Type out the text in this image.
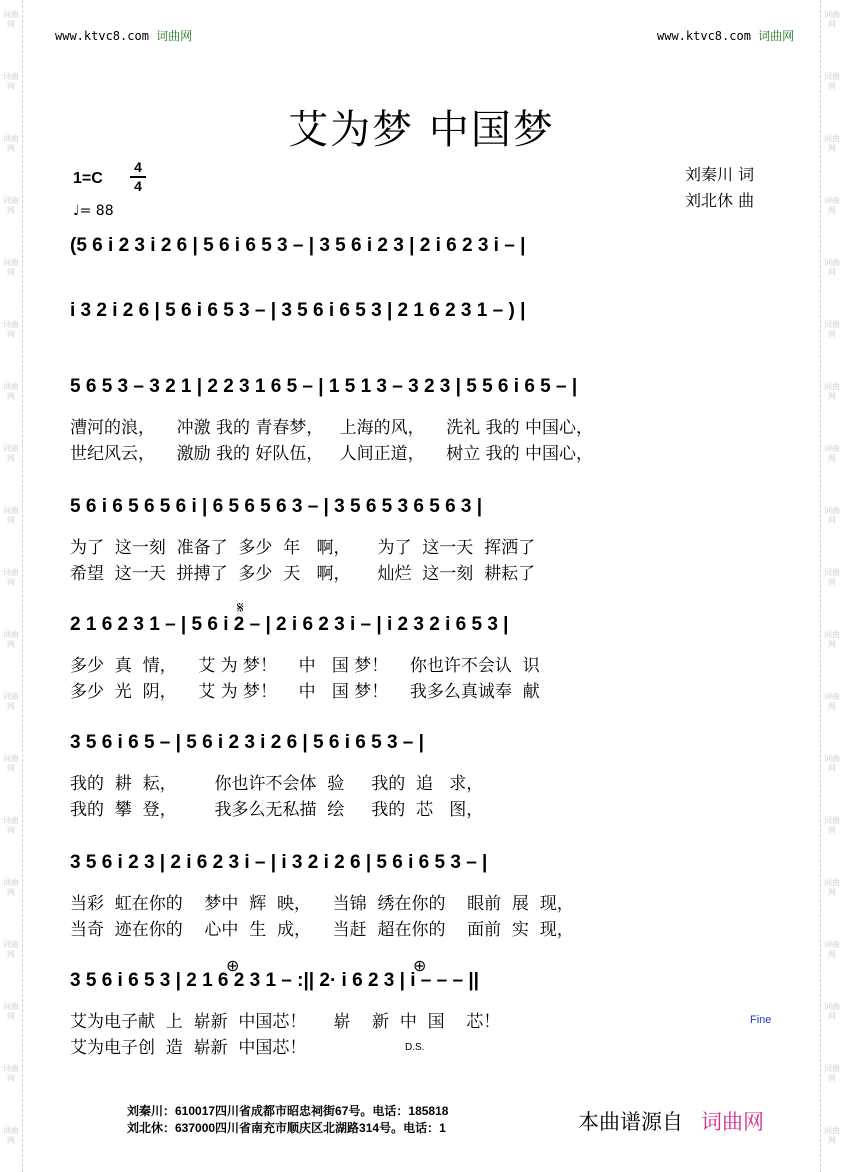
词曲网
词曲网
词曲网
词曲网
词曲网
词曲网
词曲网
词曲网
词曲网
词曲网
词曲网
词曲网
词曲网
词曲网
词曲网
词曲网
词曲网
词曲网
词曲网
词曲网
词曲网
词曲网
词曲网
词曲网
词曲网
词曲网
词曲网
词曲网
词曲网
词曲网
词曲网
词曲网
词曲网
词曲网
词曲网
词曲网
词曲网
词曲网
www.ktvc8.com 词曲网	www.ktvc8.com 词曲网
艾为梦 中国梦
1=C
4
4
♩= 88
刘秦川 词
刘北休 曲
(5 6 i 2 3 i 2 6 | 5 6 i 6 5 3 – | 3 5 6 i 2 3 | 2 i 6 2 3 i – |
i 3 2 i 2 6 | 5 6 i 6 5 3 – | 3 5 6 i 6 5 3 | 2 1 6 2 3 1 – ) |
5 6 5 3 – 3 2 1 | 2 2 3 1 6 5 – | 1 5 1 3 – 3 2 3 | 5 5 6 i 6 5 – |
漕河的浪，    冲激 我的 青春梦，   上海的风，    洗礼 我的 中国心，
世纪风云，    激励 我的 好队伍，   人间正道，    树立 我的 中国心，
5 6 i 6 5 6 5 6 i | 6 5 6 5 6 3 – | 3 5 6 5 3 6 5 6 3 |
为了  这一刻  准备了  多少  年   啊，     为了  这一天  挥洒了
希望  这一天  拼搏了  多少  天   啊，     灿烂  这一刻  耕耘了
2 1 6 2 3 1 – | 5 6 i 2 – | 2 i 6 2 3 i – | i 2 3 2 i 6 5 3 |
多少  真  情，    艾 为 梦！    中   国 梦！    你也许不会认  识
多少  光  阴，    艾 为 梦！    中   国 梦！    我多么真诚奉  献
3 5 6 i 6 5 – | 5 6 i 2 3 i 2 6 | 5 6 i 6 5 3 – |
我的  耕  耘，       你也许不会体  验     我的  追   求，
我的  攀  登，       我多么无私描  绘     我的  芯   图，
3 5 6 i 2 3 | 2 i 6 2 3 i – | i 3 2 i 2 6 | 5 6 i 6 5 3 – |
当彩  虹在你的    梦中  辉  映，    当锦  绣在你的    眼前  展  现，
当奇  迹在你的    心中  生  成，    当赶  超在你的    面前  实  现，
3 5 6 i 6 5 3 | 2 1 6 2 3 1 – :|| 2· i 6 2 3 | i – – – ||
艾为电子献  上  崭新  中国芯！     崭    新  中  国    芯！
艾为电子创  造  崭新  中国芯！
𝄋
⊕	⊕
Fine
D.S.
刘秦川：610017四川省成都市昭忠祠街67号。电话：185818
刘北休：637000四川省南充市顺庆区北湖路314号。电话：1	本曲谱源自 词曲网
